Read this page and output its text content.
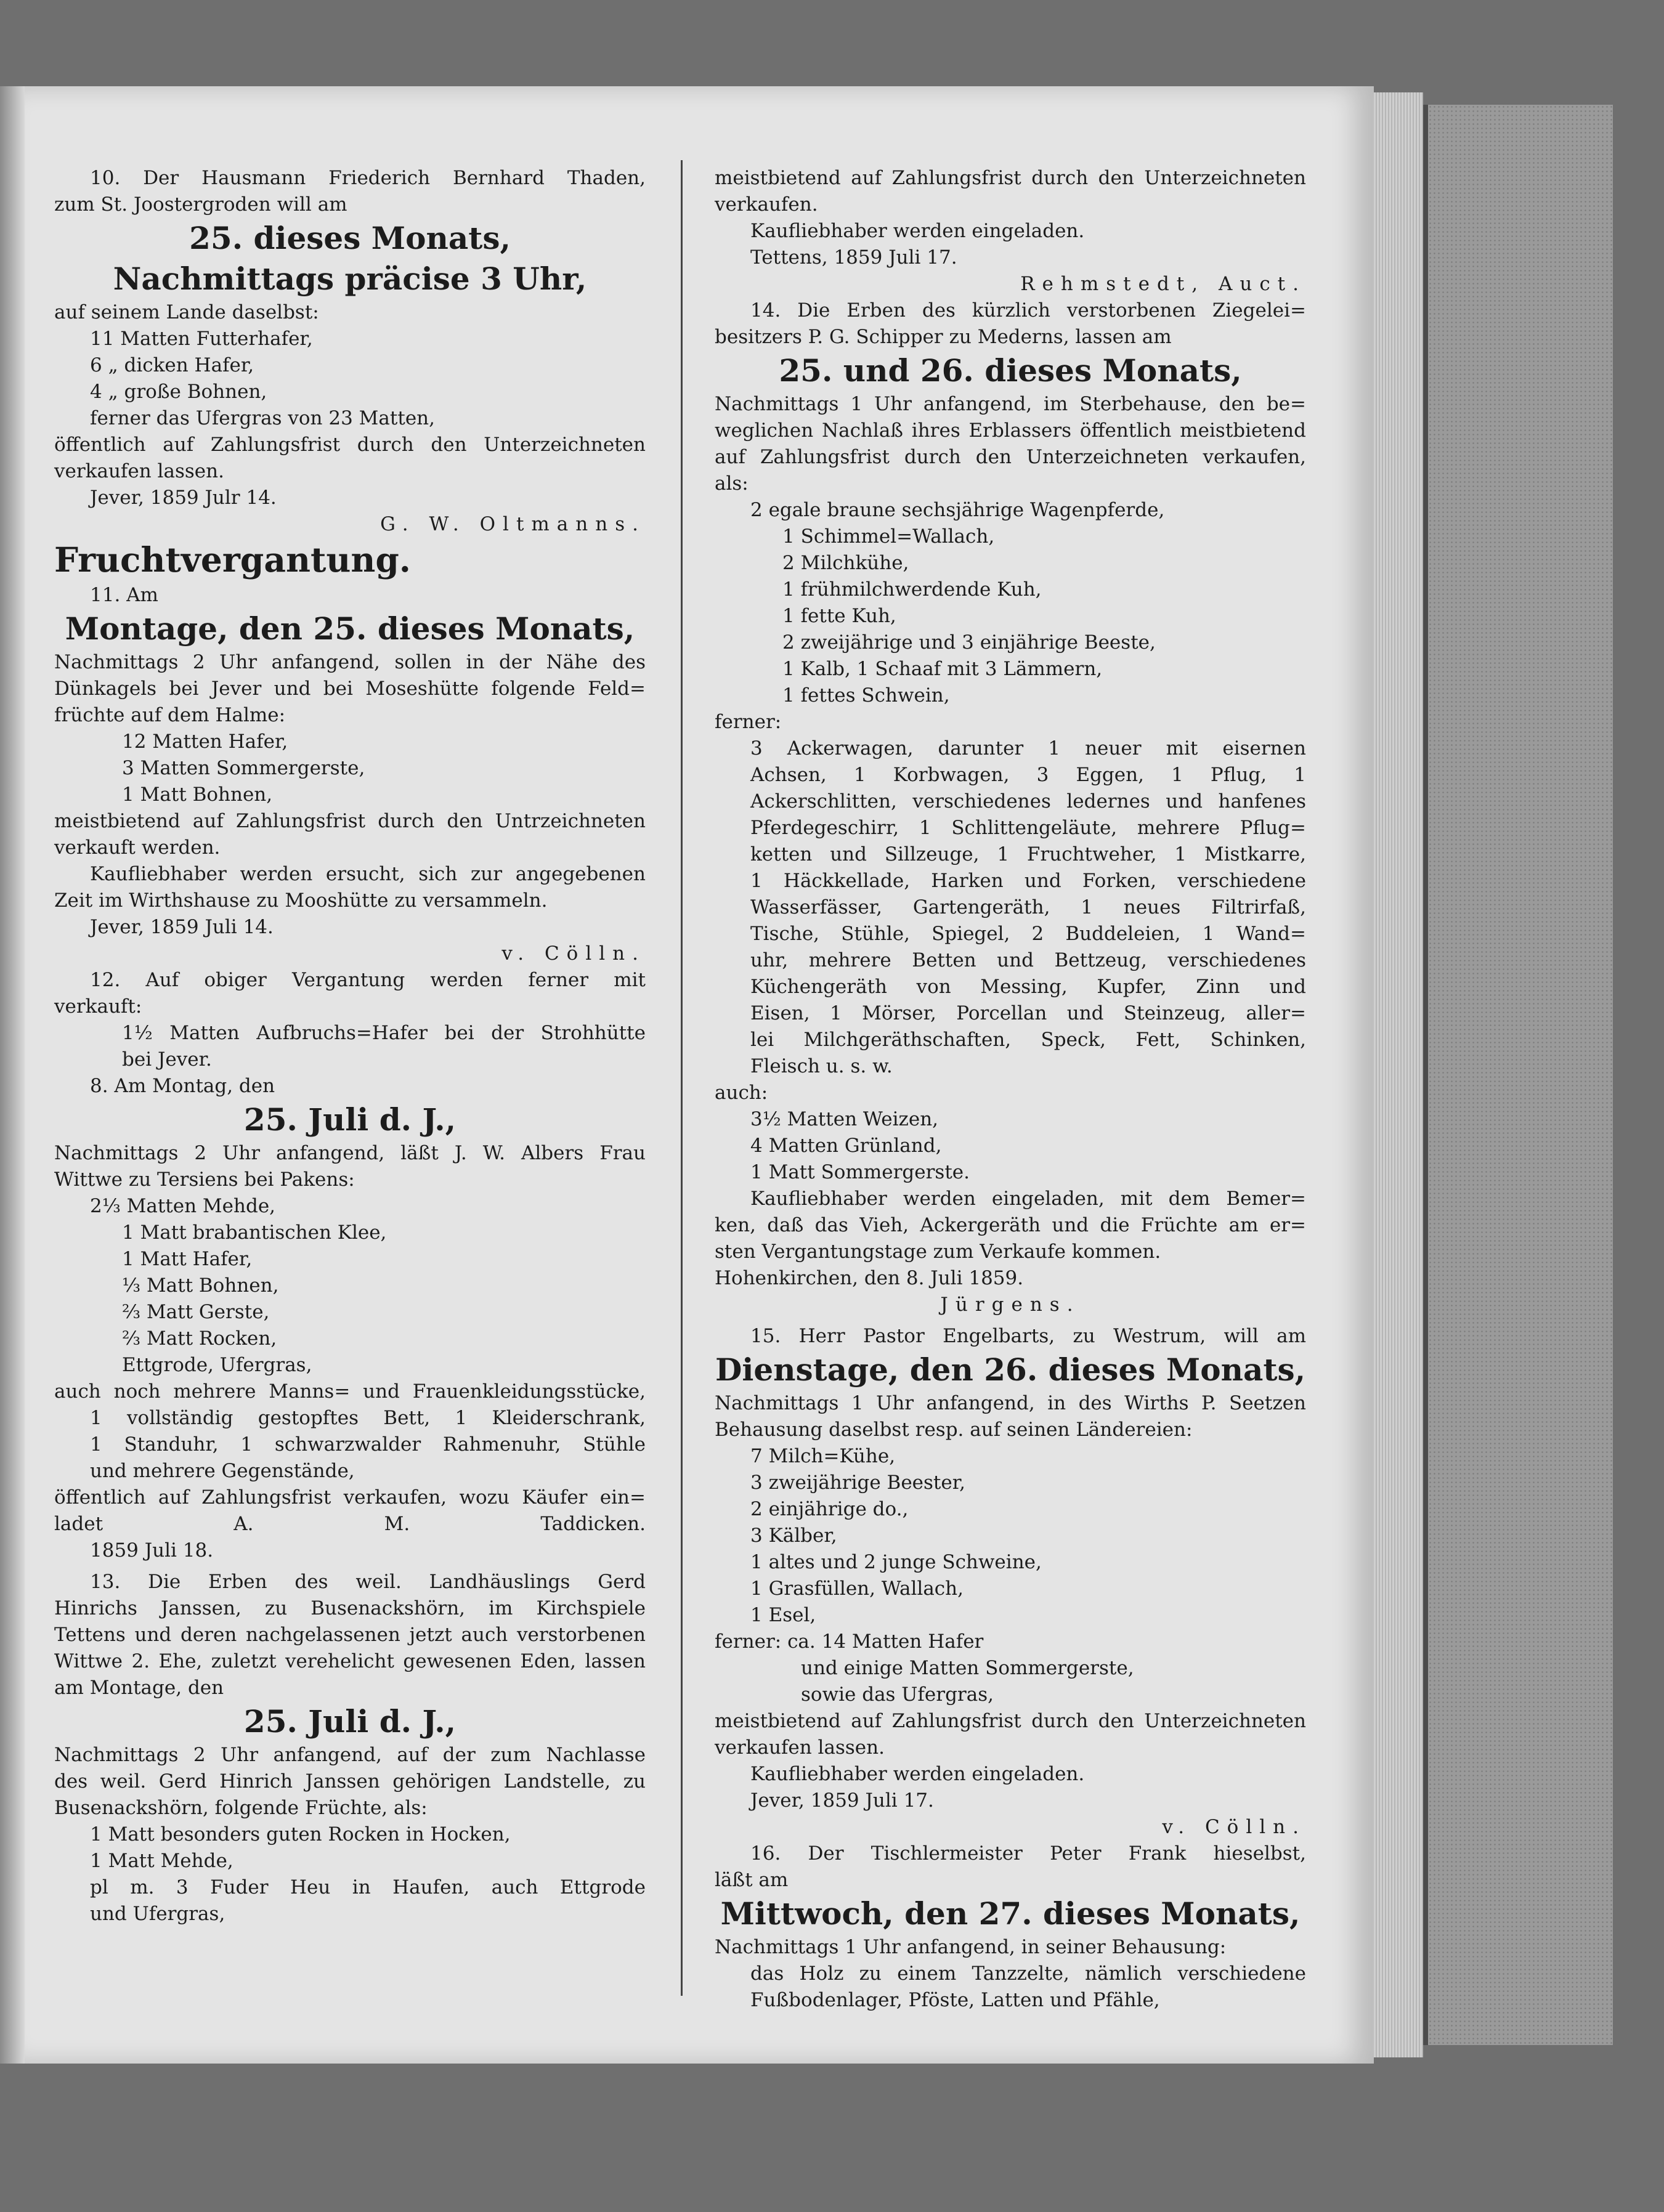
10. Der Hausmann Friederich Bernhard Thaden,

zum St. Joostergroden will am

25. dieses Monats,

Nachmittags präcise 3 Uhr,

auf seinem Lande daselbst:

11 Matten Futterhafer,

6 „ dicken Hafer,

4 „ große Bohnen,

ferner das Ufergras von 23 Matten,

öffentlich auf Zahlungsfrist durch den Unterzeichneten

verkaufen lassen.

Jever, 1859 Julr 14.

G. W. Oltmanns.

Fruchtvergantung.

11. Am

Montage, den 25. dieses Monats,

Nachmittags 2 Uhr anfangend, sollen in der Nähe des

Dünkagels bei Jever und bei Moseshütte folgende Feld=

früchte auf dem Halme:

12 Matten Hafer,

3 Matten Sommergerste,

1 Matt Bohnen,

meistbietend auf Zahlungsfrist durch den Untrzeichneten

verkauft werden.

Kaufliebhaber werden ersucht, sich zur angegebenen

Zeit im Wirthshause zu Mooshütte zu versammeln.

Jever, 1859 Juli 14.

v. Cölln.

12. Auf obiger Vergantung werden ferner mit

verkauft:

1½ Matten Aufbruchs=Hafer bei der Strohhütte

bei Jever.

8. Am Montag, den

25. Juli d. J.,

Nachmittags 2 Uhr anfangend, läßt J. W. Albers Frau

Wittwe zu Tersiens bei Pakens:

2⅓ Matten Mehde,

1 Matt brabantischen Klee,

1 Matt Hafer,

⅓ Matt Bohnen,

⅔ Matt Gerste,

⅔ Matt Rocken,

Ettgrode, Ufergras,

auch noch mehrere Manns= und Frauenkleidungsstücke,

1 vollständig gestopftes Bett, 1 Kleiderschrank,

1 Standuhr, 1 schwarzwalder Rahmenuhr, Stühle

und mehrere Gegenstände,

öffentlich auf Zahlungsfrist verkaufen, wozu Käufer ein=

ladet A. M. Taddicken.

1859 Juli 18.

13. Die Erben des weil. Landhäuslings Gerd

Hinrichs Janssen, zu Busenackshörn, im Kirchspiele

Tettens und deren nachgelassenen jetzt auch verstorbenen

Wittwe 2. Ehe, zuletzt verehelicht gewesenen Eden, lassen

am Montage, den

25. Juli d. J.,

Nachmittags 2 Uhr anfangend, auf der zum Nachlasse

des weil. Gerd Hinrich Janssen gehörigen Landstelle, zu

Busenackshörn, folgende Früchte, als:

1 Matt besonders guten Rocken in Hocken,

1 Matt Mehde,

pl m. 3 Fuder Heu in Haufen, auch Ettgrode

und Ufergras,

meistbietend auf Zahlungsfrist durch den Unterzeichneten

verkaufen.

Kaufliebhaber werden eingeladen.

Tettens, 1859 Juli 17.

Rehmstedt, Auct.

14. Die Erben des kürzlich verstorbenen Ziegelei=

besitzers P. G. Schipper zu Mederns, lassen am

25. und 26. dieses Monats,

Nachmittags 1 Uhr anfangend, im Sterbehause, den be=

weglichen Nachlaß ihres Erblassers öffentlich meistbietend

auf Zahlungsfrist durch den Unterzeichneten verkaufen,

als:

2 egale braune sechsjährige Wagenpferde,

1 Schimmel=Wallach,

2 Milchkühe,

1 frühmilchwerdende Kuh,

1 fette Kuh,

2 zweijährige und 3 einjährige Beeste,

1 Kalb, 1 Schaaf mit 3 Lämmern,

1 fettes Schwein,

ferner:

3 Ackerwagen, darunter 1 neuer mit eisernen

Achsen, 1 Korbwagen, 3 Eggen, 1 Pflug, 1

Ackerschlitten, verschiedenes ledernes und hanfenes

Pferdegeschirr, 1 Schlittengeläute, mehrere Pflug=

ketten und Sillzeuge, 1 Fruchtweher, 1 Mistkarre,

1 Häckkellade, Harken und Forken, verschiedene

Wasserfässer, Gartengeräth, 1 neues Filtrirfaß,

Tische, Stühle, Spiegel, 2 Buddeleien, 1 Wand=

uhr, mehrere Betten und Bettzeug, verschiedenes

Küchengeräth von Messing, Kupfer, Zinn und

Eisen, 1 Mörser, Porcellan und Steinzeug, aller=

lei Milchgeräthschaften, Speck, Fett, Schinken,

Fleisch u. s. w.

auch:

3½ Matten Weizen,

4 Matten Grünland,

1 Matt Sommergerste.

Kaufliebhaber werden eingeladen, mit dem Bemer=

ken, daß das Vieh, Ackergeräth und die Früchte am er=

sten Vergantungstage zum Verkaufe kommen.

Hohenkirchen, den 8. Juli 1859.

Jürgens.

15. Herr Pastor Engelbarts, zu Westrum, will am

Dienstage, den 26. dieses Monats,

Nachmittags 1 Uhr anfangend, in des Wirths P. Seetzen

Behausung daselbst resp. auf seinen Ländereien:

7 Milch=Kühe,

3 zweijährige Beester,

2 einjährige do.,

3 Kälber,

1 altes und 2 junge Schweine,

1 Grasfüllen, Wallach,

1 Esel,

ferner: ca. 14 Matten Hafer

und einige Matten Sommergerste,

sowie das Ufergras,

meistbietend auf Zahlungsfrist durch den Unterzeichneten

verkaufen lassen.

Kaufliebhaber werden eingeladen.

Jever, 1859 Juli 17.

v. Cölln.

16. Der Tischlermeister Peter Frank hieselbst,

läßt am

Mittwoch, den 27. dieses Monats,

Nachmittags 1 Uhr anfangend, in seiner Behausung:

das Holz zu einem Tanzzelte, nämlich verschiedene

Fußbodenlager, Pföste, Latten und Pfähle,
